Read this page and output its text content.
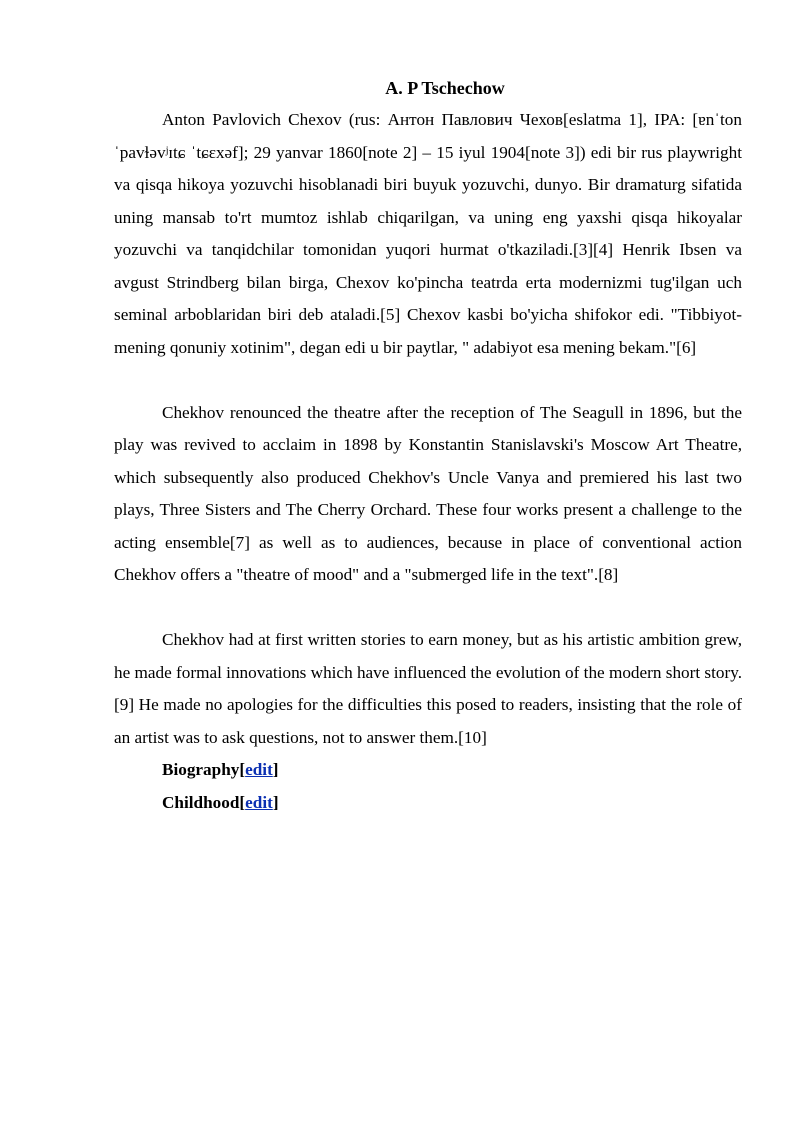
A. P Tschechow

Anton Pavlovich Chexov (rus: Антон Павлович Чехов[eslatma 1], IPA: [ɐnˈton ˈpavɫəvʲɪtɕ ˈtɕɛxəf]; 29 yanvar 1860[note 2] – 15 iyul 1904[note 3]) edi bir rus playwright va qisqa hikoya yozuvchi hisoblanadi biri buyuk yozuvchi, dunyo. Bir dramaturg sifatida uning mansab to'rt mumtoz ishlab chiqarilgan, va uning eng yaxshi qisqa hikoyalar yozuvchi va tanqidchilar tomonidan yuqori hurmat o'tkaziladi.[3][4] Henrik Ibsen va avgust Strindberg bilan birga, Chexov ko'pincha teatrda erta modernizmi tug'ilgan uch seminal arboblaridan biri deb ataladi.[5] Chexov kasbi bo'yicha shifokor edi. "Tibbiyot-mening qonuniy xotinim", degan edi u bir paytlar, " adabiyot esa mening bekam."[6]

Chekhov renounced the theatre after the reception of The Seagull in 1896, but the play was revived to acclaim in 1898 by Konstantin Stanislavski's Moscow Art Theatre, which subsequently also produced Chekhov's Uncle Vanya and premiered his last two plays, Three Sisters and The Cherry Orchard. These four works present a challenge to the acting ensemble[7] as well as to audiences, because in place of conventional action Chekhov offers a "theatre of mood" and a "submerged life in the text".[8]

Chekhov had at first written stories to earn money, but as his artistic ambition grew, he made formal innovations which have influenced the evolution of the modern short story.[9] He made no apologies for the difficulties this posed to readers, insisting that the role of an artist was to ask questions, not to answer them.[10]

Biography[edit]
Childhood[edit]
